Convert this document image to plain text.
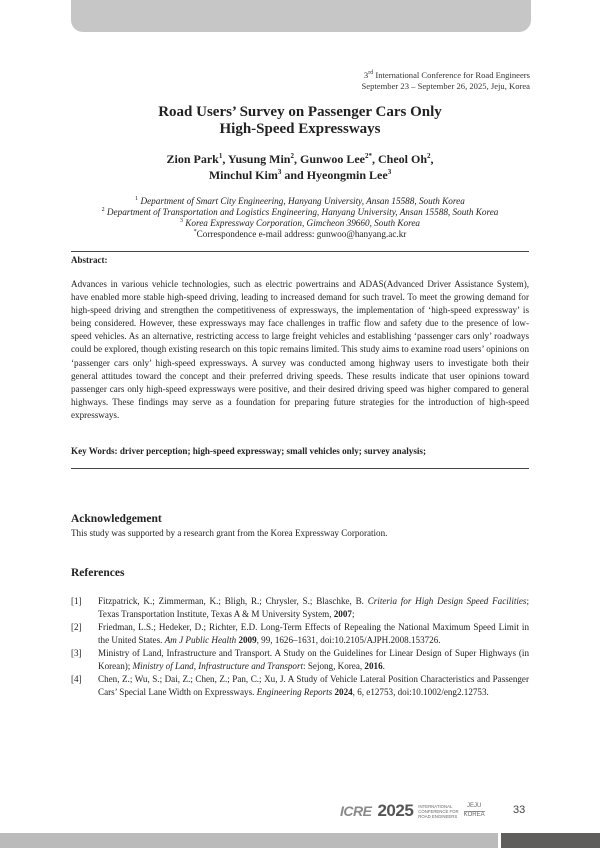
3rd International Conference for Road Engineers
September 23 – September 26, 2025, Jeju, Korea
Road Users’ Survey on Passenger Cars Only
High-Speed Expressways
Zion Park$^1$, Yusung Min$^2$, Gunwoo Lee$^{2*}$, Cheol Oh$^2$,
Minchul Kim$^3$ and Hyeongmin Lee$^3$
$^1$ Department of Smart City Engineering, Hanyang University, Ansan 15588, South Korea
$^2$ Department of Transportation and Logistics Engineering, Hanyang University, Ansan 15588, South Korea
$^3$ Korea Expressway Corporation, Gimcheon 39660, South Korea
*Correspondence e-mail address: gunwoo@hanyang.ac.kr
Abstract:
Advances in various vehicle technologies, such as electric powertrains and ADAS(Advanced Driver Assistance System), have enabled more stable high-speed driving, leading to increased demand for such travel. To meet the growing demand for high-speed driving and strengthen the competitiveness of expressways, the implementation of ‘high-speed expressway’ is being considered. However, these expressways may face challenges in traffic flow and safety due to the presence of low-speed vehicles. As an alternative, restricting access to large freight vehicles and establishing ‘passenger cars only’ roadways could be explored, though existing research on this topic remains limited. This study aims to examine road users’ opinions on ‘passenger cars only’ high-speed expressways. A survey was conducted among highway users to investigate both their general attitudes toward the concept and their preferred driving speeds. These results indicate that user opinions toward passenger cars only high-speed expressways were positive, and their desired driving speed was higher compared to general highways. These findings may serve as a foundation for preparing future strategies for the introduction of high-speed expressways.
Key Words: driver perception; high-speed expressway; small vehicles only; survey analysis;
Acknowledgement
This study was supported by a research grant from the Korea Expressway Corporation.
References
[1]	Fitzpatrick, K.; Zimmerman, K.; Bligh, R.; Chrysler, S.; Blaschke, B. Criteria for High Design Speed Facilities; Texas Transportation Institute, Texas A & M University System, 2007;
[2]	Friedman, L.S.; Hedeker, D.; Richter, E.D. Long-Term Effects of Repealing the National Maximum Speed Limit in the United States. Am J Public Health 2009, 99, 1626–1631, doi:10.2105/AJPH.2008.153726.
[3]	Ministry of Land, Infrastructure and Transport. A Study on the Guidelines for Linear Design of Super Highways (in Korean); Ministry of Land, Infrastructure and Transport: Sejong, Korea, 2016.
[4]	Chen, Z.; Wu, S.; Dai, Z.; Chen, Z.; Pan, C.; Xu, J. A Study of Vehicle Lateral Position Characteristics and Passenger Cars’ Special Lane Width on Expressways. Engineering Reports 2024, 6, e12753, doi:10.1002/eng2.12753.
ICRE 2025 INTERNATIONAL
CONFERENCE FOR
ROAD ENGINEERS
JEJU
KOREA	33
